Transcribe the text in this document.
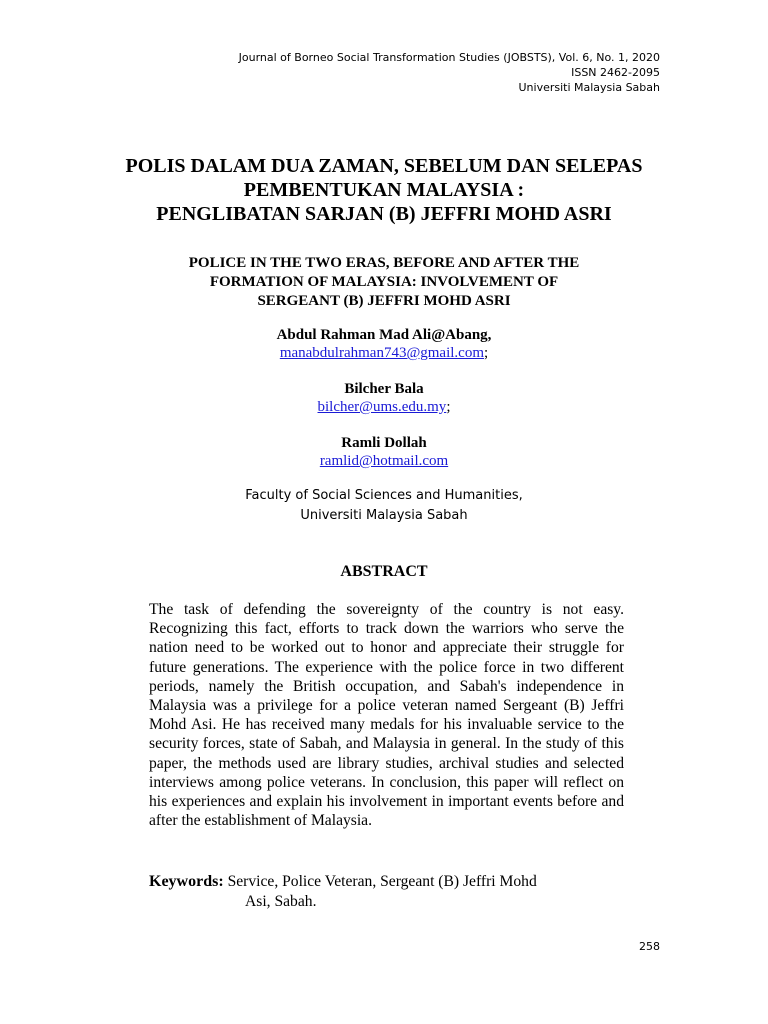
Journal of Borneo Social Transformation Studies (JOBSTS), Vol. 6, No. 1, 2020
ISSN 2462-2095
Universiti Malaysia Sabah
POLIS DALAM DUA ZAMAN, SEBELUM DAN SELEPAS
PEMBENTUKAN MALAYSIA :
PENGLIBATAN SARJAN (B) JEFFRI MOHD ASRI
POLICE IN THE TWO ERAS, BEFORE AND AFTER THE
FORMATION OF MALAYSIA: INVOLVEMENT OF
SERGEANT (B) JEFFRI MOHD ASRI
Abdul Rahman Mad Ali@Abang,
manabdulrahman743@gmail.com;
Bilcher Bala
bilcher@ums.edu.my;
Ramli Dollah
ramlid@hotmail.com
Faculty of Social Sciences and Humanities,
Universiti Malaysia Sabah
ABSTRACT

The task of defending the sovereignty of the country is not easy. Recognizing this fact, efforts to track down the warriors who serve the nation need to be worked out to honor and appreciate their struggle for future generations. The experience with the police force in two different periods, namely the British occupation, and Sabah's independence in Malaysia was a privilege for a police veteran named Sergeant (B) Jeffri Mohd Asi. He has received many medals for his invaluable service to the security forces, state of Sabah, and Malaysia in general. In the study of this paper, the methods used are library studies, archival studies and selected interviews among police veterans. In conclusion, this paper will reflect on his experiences and explain his involvement in important events before and after the establishment of Malaysia.

Keywords: Service, Police Veteran, Sergeant (B) Jeffri Mohd
Asi, Sabah.
258
